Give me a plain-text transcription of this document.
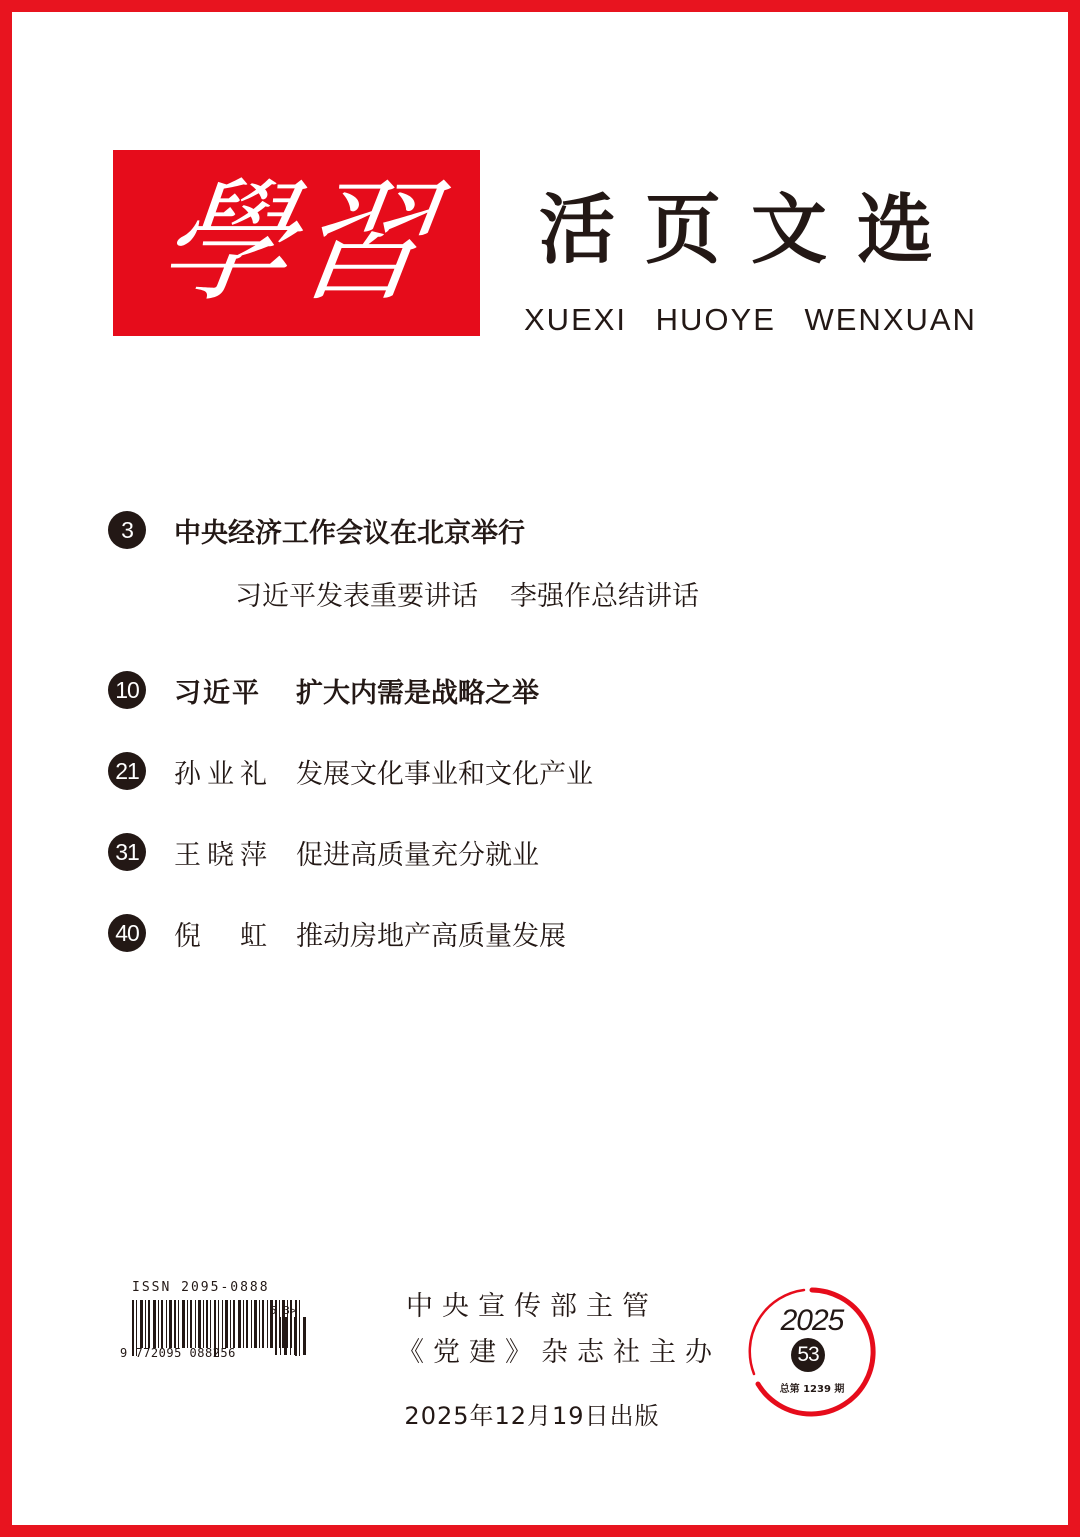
學習	活页文选
XUEXI HUOYE WENXUAN
3	中央经济工作会议在北京举行
习近平发表重要讲话 李强作总结讲话
10 习近平	扩大内需是战略之举
21 孙业礼 发展文化事业和文化产业
31 王晓萍 促进高质量充分就业
40 倪　虹 推动房地产高质量发展
ISSN 2095-0888
9 772095 088256
5 3>	中央宣传部主管
《党建》杂志社主办
2025年12月19日出版
2025
53
总第 1239 期
